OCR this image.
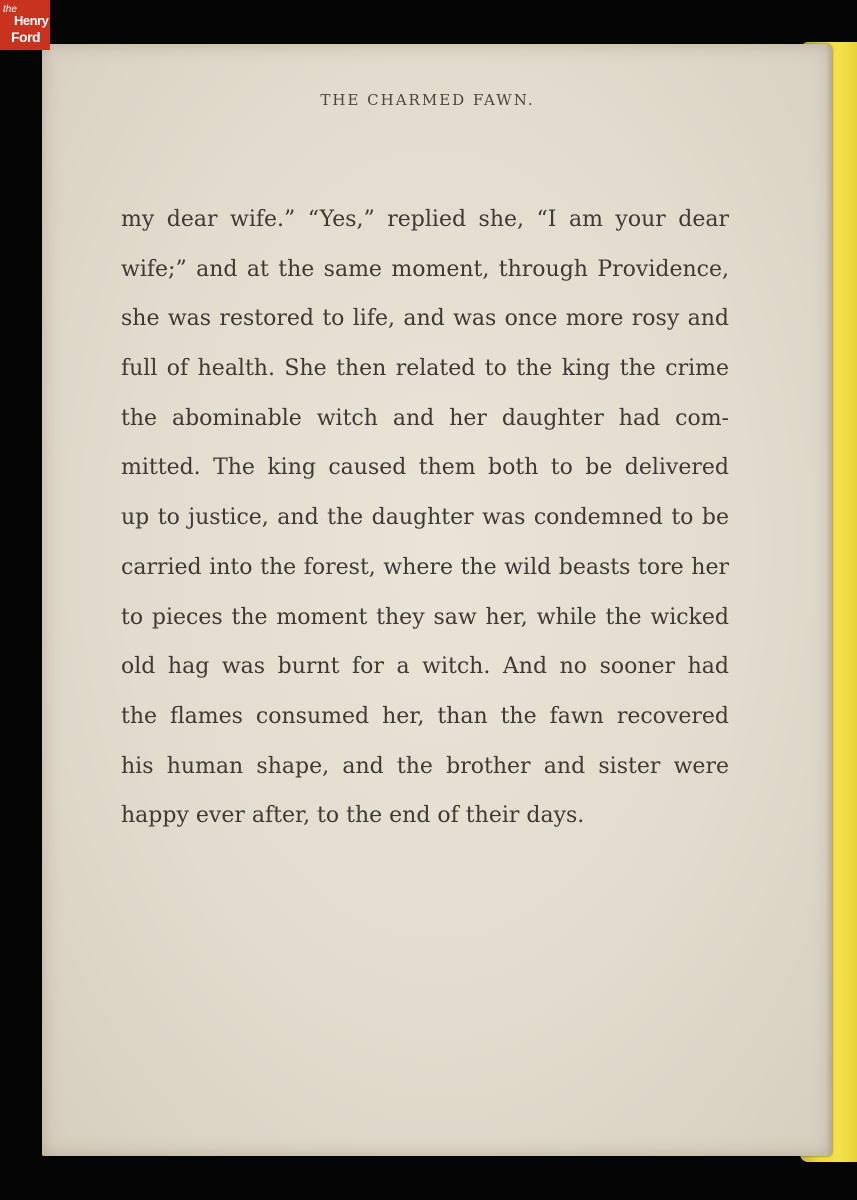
THE CHARMED FAWN.
my dear wife.” “Yes,” replied she, “I am your dear
wife;” and at the same moment, through Providence,
she was restored to life, and was once more rosy and
full of health. She then related to the king the crime
the abominable witch and her daughter had com-
mitted. The king caused them both to be delivered
up to justice, and the daughter was condemned to be
carried into the forest, where the wild beasts tore her
to pieces the moment they saw her, while the wicked
old hag was burnt for a witch. And no sooner had
the flames consumed her, than the fawn recovered
his human shape, and the brother and sister were
happy ever after, to the end of their days.
the
Henry
Ford
